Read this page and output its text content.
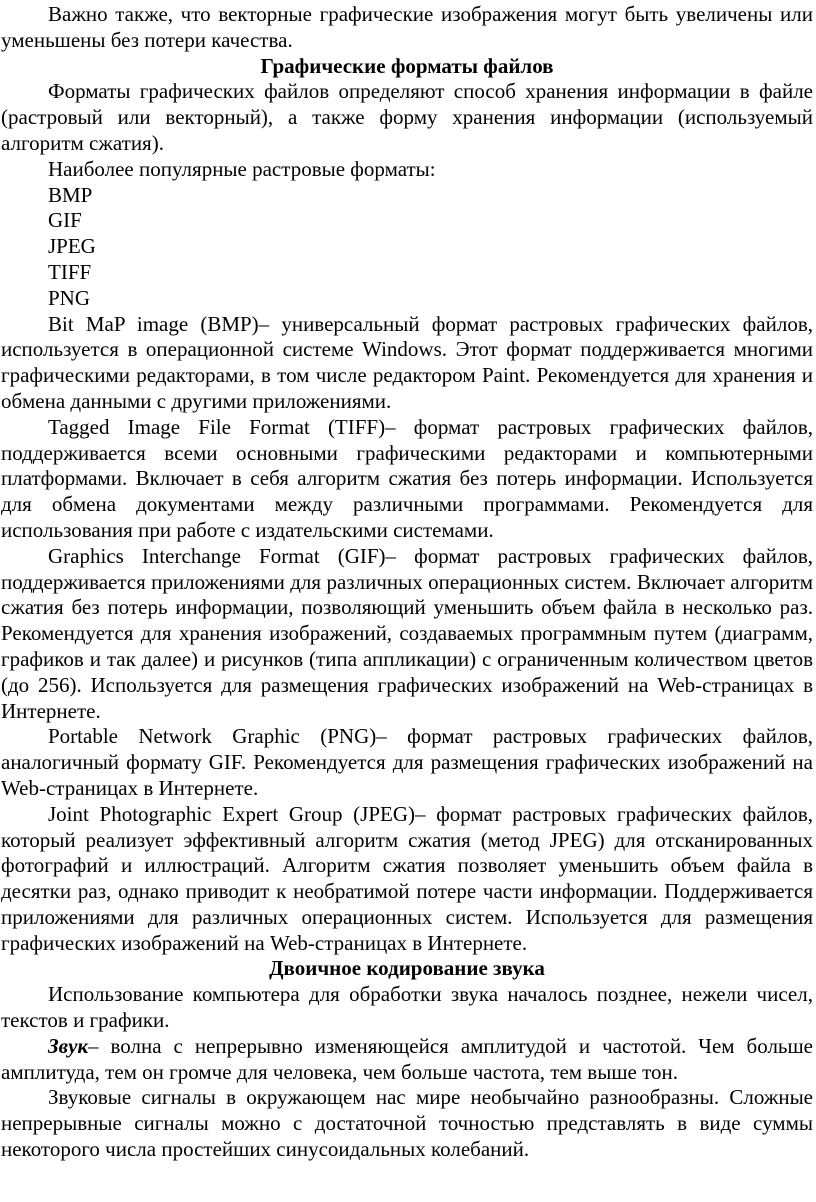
Важно также, что векторные графические изображения могут быть увеличены или уменьшены без потери качества.

Графические форматы файлов

Форматы графических файлов определяют способ хранения информации в файле (растровый или векторный), а также форму хранения информации (используемый алгоритм сжатия).

Наиболее популярные растровые форматы:

BMP
GIF
JPEG
TIFF
PNG

Bit MaP image (BMP)– универсальный формат растровых графических файлов, используется в операционной системе Windows. Этот формат поддерживается многими графическими редакторами, в том числе редактором Paint. Рекомендуется для хранения и обмена данными с другими приложениями.

Tagged Image File Format (TIFF)– формат растровых графических файлов, поддерживается всеми основными графическими редакторами и компьютерными платформами. Включает в себя алгоритм сжатия без потерь информации. Используется для обмена документами между различными программами. Рекомендуется для использования при работе с издательскими системами.

Graphics Interchange Format (GIF)– формат растровых графических файлов, поддерживается приложениями для различных операционных систем. Включает алгоритм сжатия без потерь информации, позволяющий уменьшить объем файла в несколько раз. Рекомендуется для хранения изображений, создаваемых программным путем (диаграмм, графиков и так далее) и рисунков (типа аппликации) с ограниченным количеством цветов (до 256). Используется для размещения графических изображений на Web-страницах в Интернете.

Portable Network Graphic (PNG)– формат растровых графических файлов, аналогичный формату GIF. Рекомендуется для размещения графических изображений на Web-страницах в Интернете.

Joint Photographic Expert Group (JPEG)– формат растровых графических файлов, который реализует эффективный алгоритм сжатия (метод JPEG) для отсканированных фотографий и иллюстраций. Алгоритм сжатия позволяет уменьшить объем файла в десятки раз, однако приводит к необратимой потере части информации. Поддерживается приложениями для различных операционных систем. Используется для размещения графических изображений на Web-страницах в Интернете.

Двоичное кодирование звука

Использование компьютера для обработки звука началось позднее, нежели чисел, текстов и графики.

Звук– волна с непрерывно изменяющейся амплитудой и частотой. Чем больше амплитуда, тем он громче для человека, чем больше частота, тем выше тон.

Звуковые сигналы в окружающем нас мире необычайно разнообразны. Сложные непрерывные сигналы можно с достаточной точностью представлять в виде суммы некоторого числа простейших синусоидальных колебаний.
